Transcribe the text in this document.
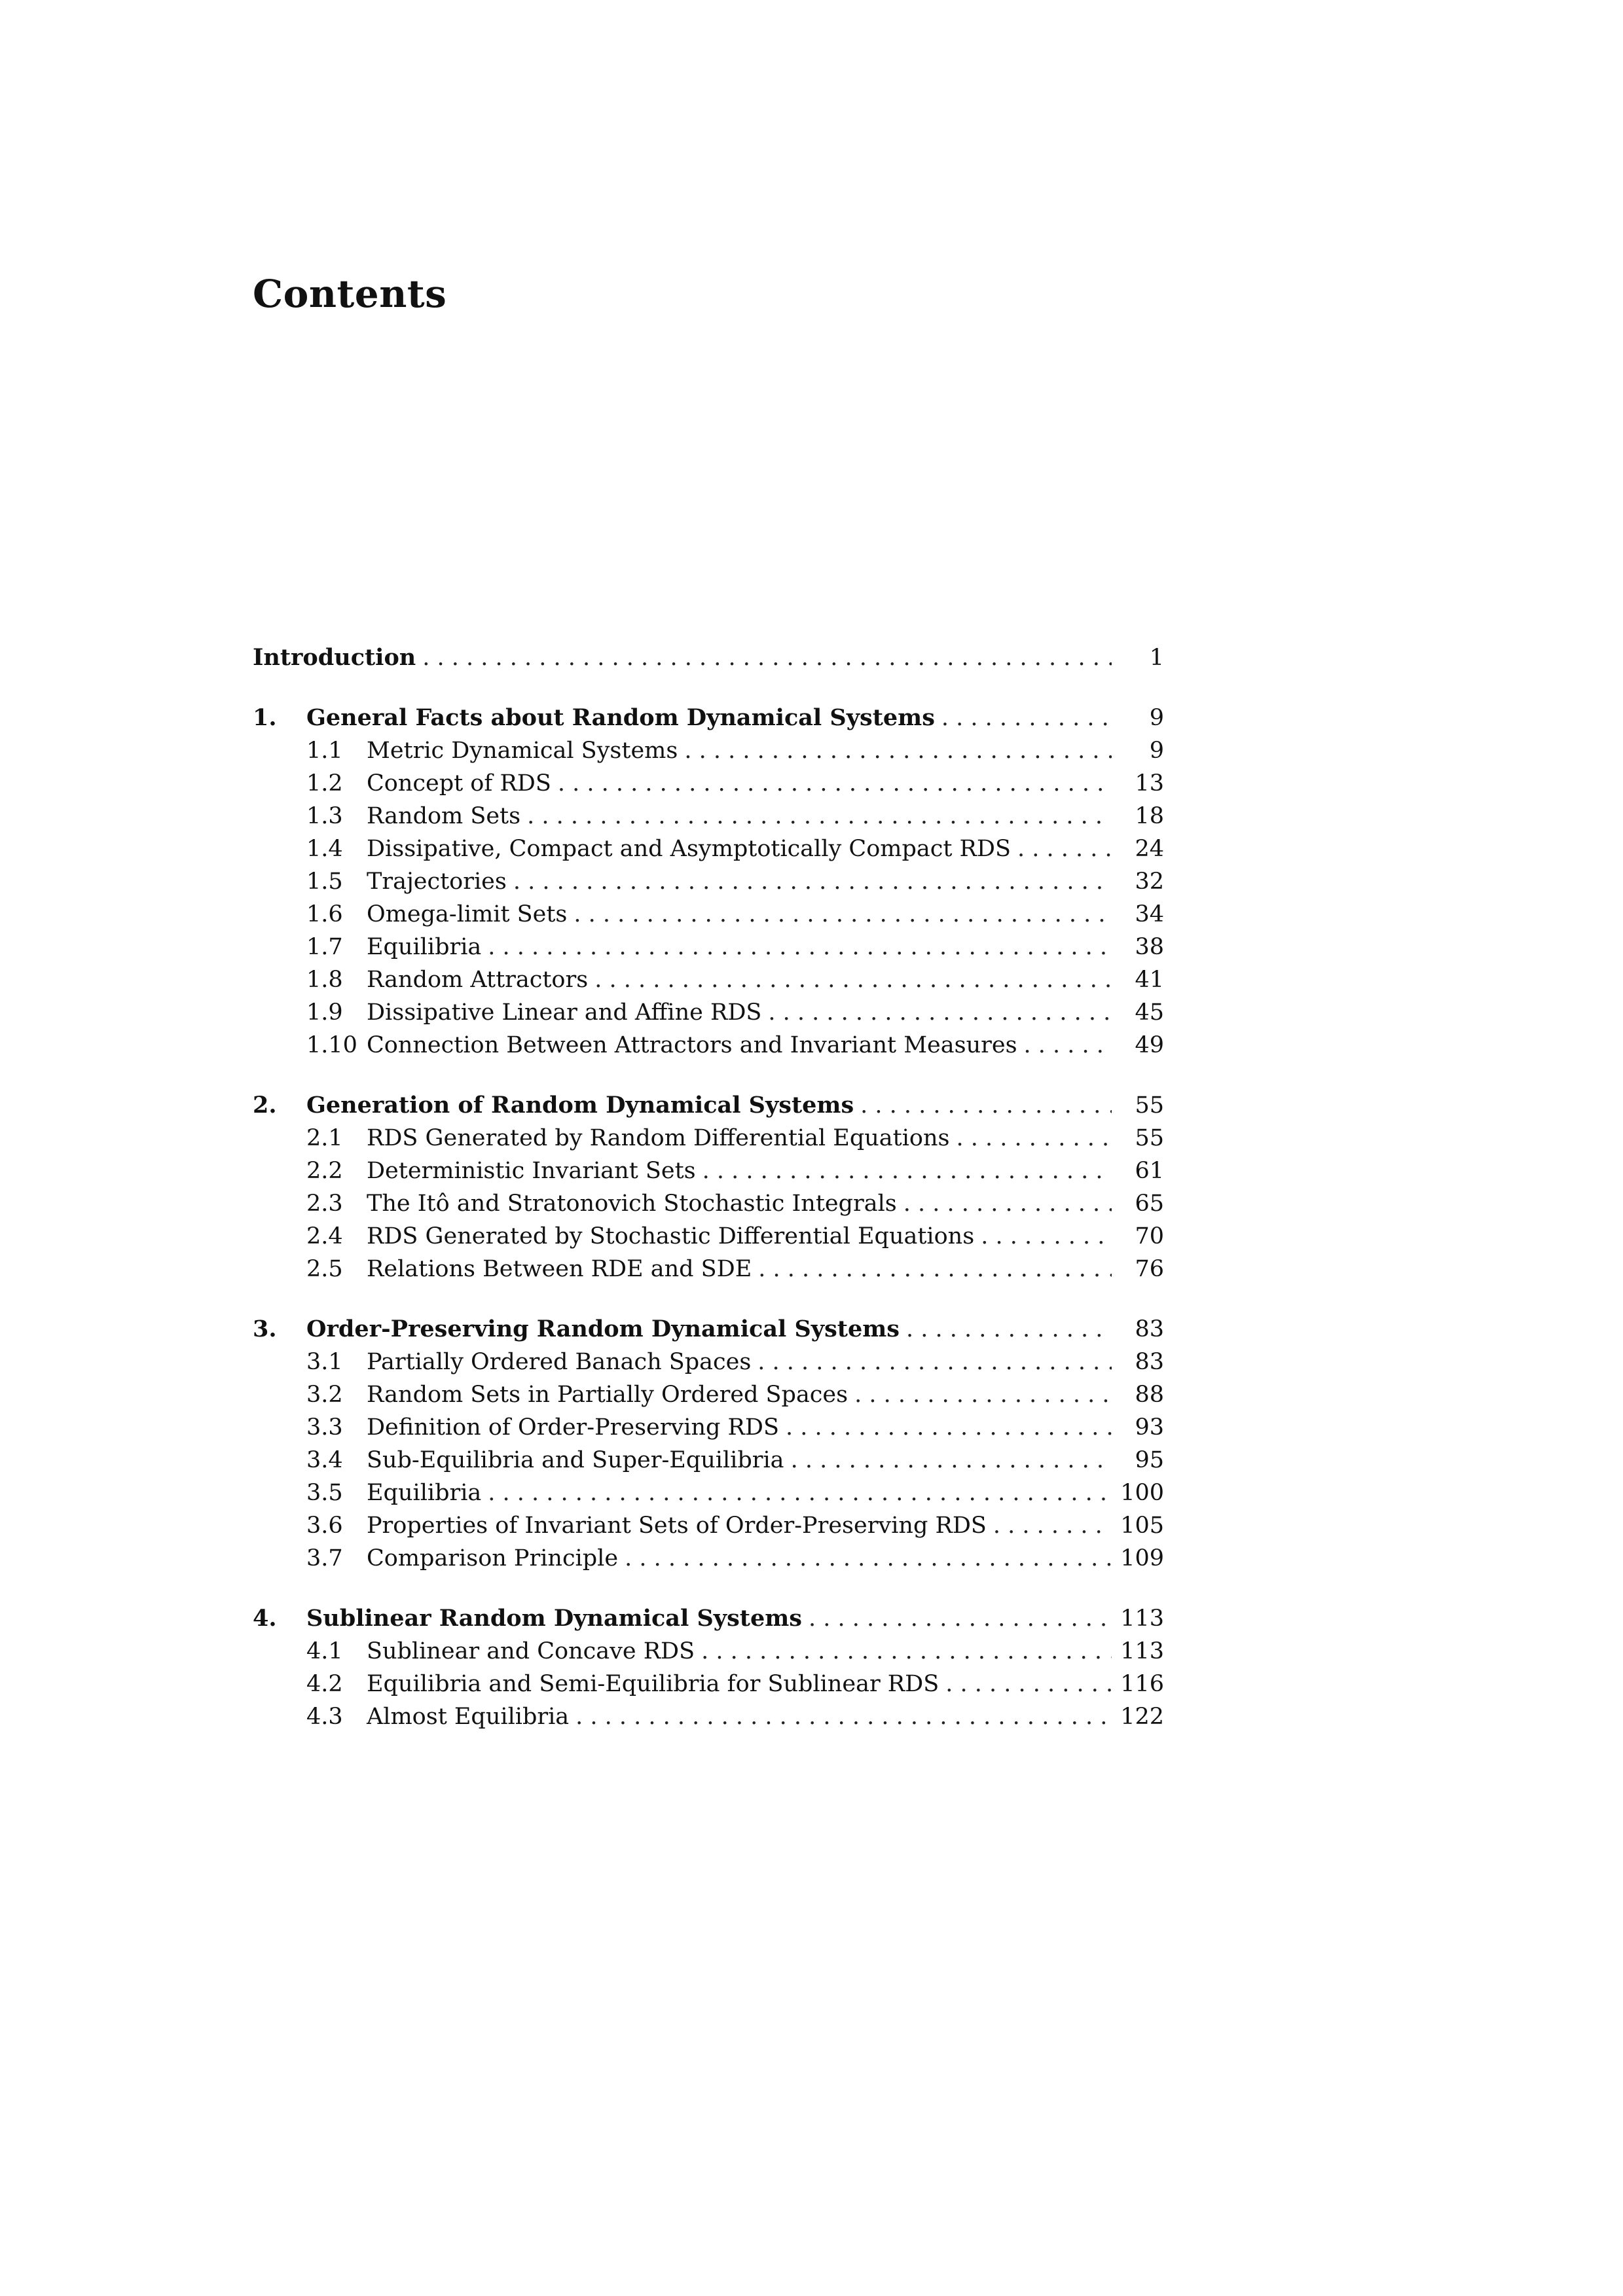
Contents
Introduction . . .	1
1.	General Facts about Random Dynamical Systems . . .	9
1.1	Metric Dynamical Systems . . .	9
1.2	Concept of RDS . . .	13
1.3	Random Sets . . .	18
1.4	Dissipative, Compact and Asymptotically Compact RDS . . .	24
1.5	Trajectories . . .	32
1.6	Omega-limit Sets . . .	34
1.7	Equilibria . . .	38
1.8	Random Attractors . . .	41
1.9	Dissipative Linear and Affine RDS . . .	45
1.10 Connection Between Attractors and Invariant Measures . . .	49
2.	Generation of Random Dynamical Systems . . .	55
2.1	RDS Generated by Random Differential Equations . . .	55
2.2	Deterministic Invariant Sets . . .	61
2.3	The Itô and Stratonovich Stochastic Integrals . . .	65
2.4	RDS Generated by Stochastic Differential Equations . . .	70
2.5	Relations Between RDE and SDE . . .	76
3.	Order-Preserving Random Dynamical Systems . . .	83
3.1	Partially Ordered Banach Spaces . . .	83
3.2	Random Sets in Partially Ordered Spaces . . .	88
3.3	Definition of Order-Preserving RDS . . .	93
3.4	Sub-Equilibria and Super-Equilibria . . .	95
3.5	Equilibria . . .	100
3.6	Properties of Invariant Sets of Order-Preserving RDS . . .	105
3.7	Comparison Principle . . .	109
4.	Sublinear Random Dynamical Systems . . .	113
4.1	Sublinear and Concave RDS . . .	113
4.2	Equilibria and Semi-Equilibria for Sublinear RDS . . .	116
4.3	Almost Equilibria . . .	122
